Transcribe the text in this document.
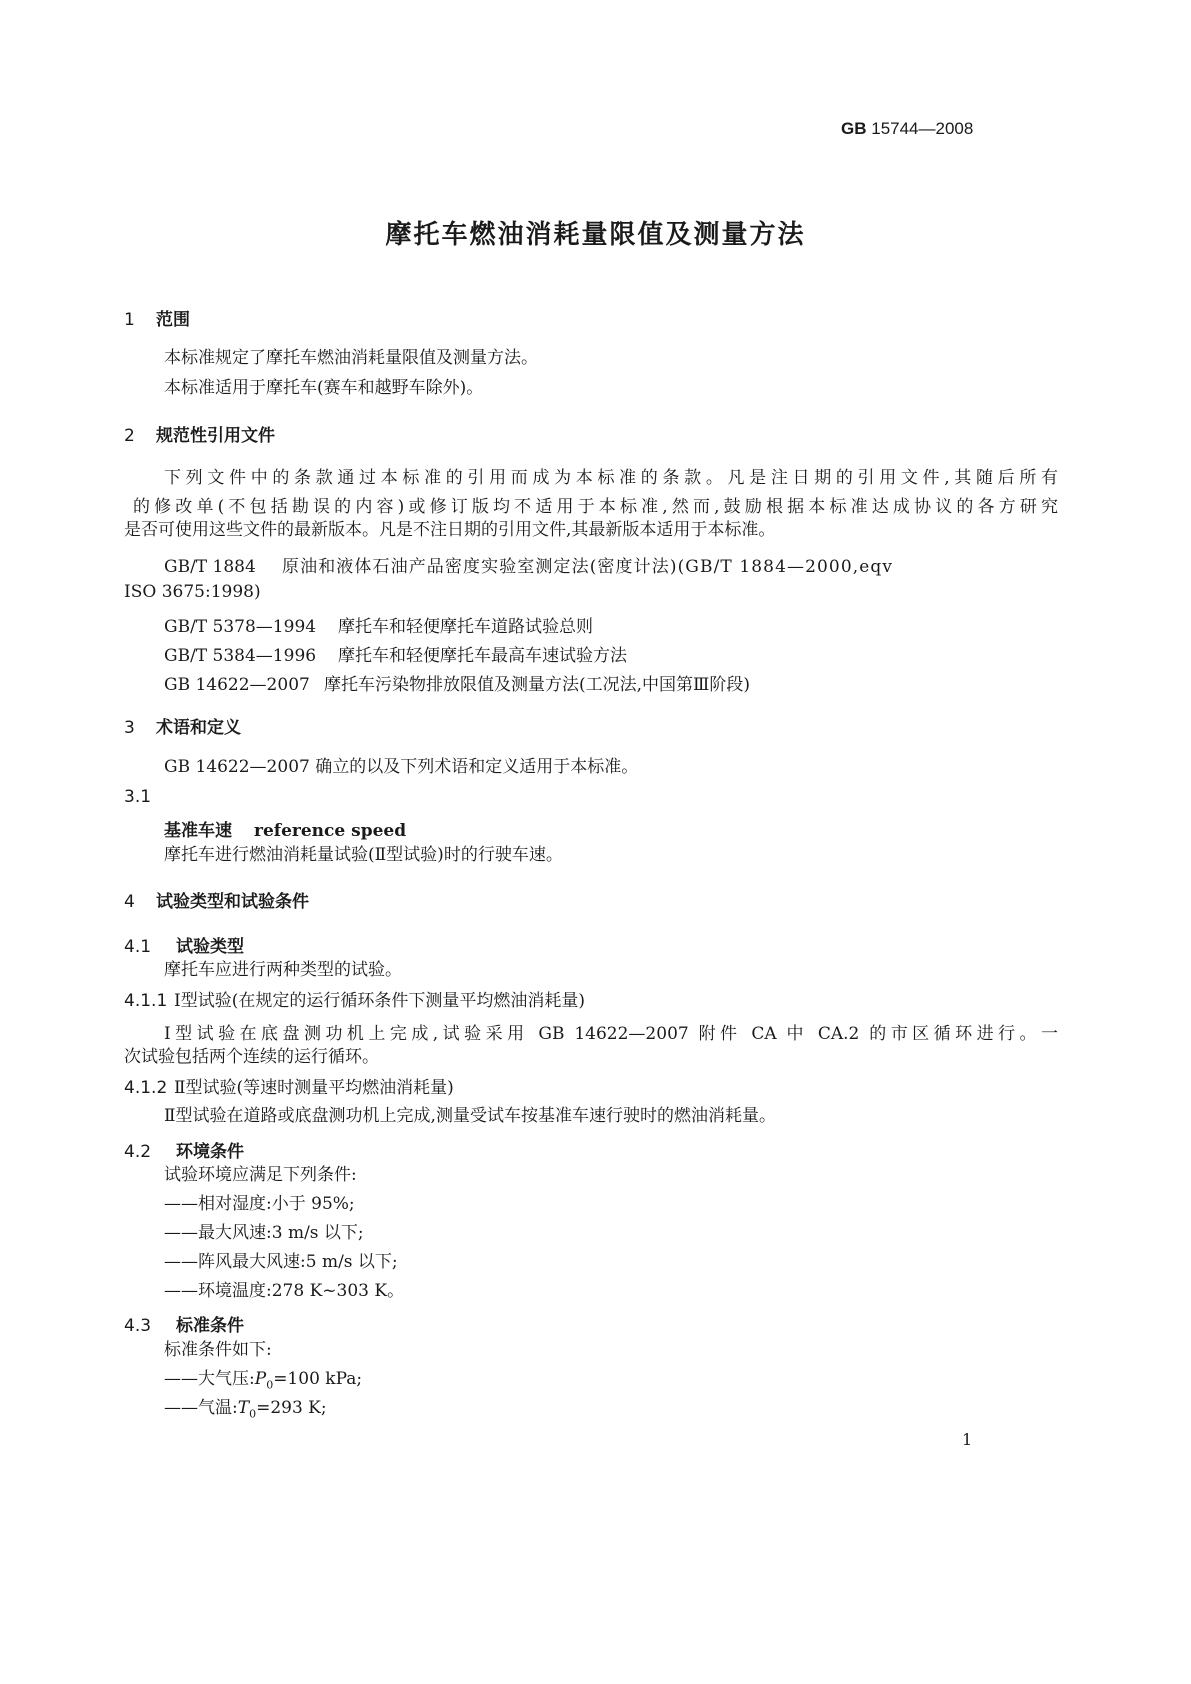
GB 15744—2008
摩托车燃油消耗量限值及测量方法
1 范围
本标准规定了摩托车燃油消耗量限值及测量方法。
本标准适用于摩托车(赛车和越野车除外)。
2 规范性引用文件
下列文件中的条款通过本标准的引用而成为本标准的条款。凡是注日期的引用文件,其随后所有
的修改单(不包括勘误的内容)或修订版均不适用于本标准,然而,鼓励根据本标准达成协议的各方研究
是否可使用这些文件的最新版本。凡是不注日期的引用文件,其最新版本适用于本标准。
GB/T 1884 原油和液体石油产品密度实验室测定法(密度计法)(GB/T 1884—2000,eqv
ISO 3675:1998)
GB/T 5378—1994 摩托车和轻便摩托车道路试验总则
GB/T 5384—1996 摩托车和轻便摩托车最高车速试验方法
GB 14622—2007 摩托车污染物排放限值及测量方法(工况法,中国第Ⅲ阶段)
3 术语和定义
GB 14622—2007 确立的以及下列术语和定义适用于本标准。
3.1
基准车速 reference speed
摩托车进行燃油消耗量试验(Ⅱ型试验)时的行驶车速。
4 试验类型和试验条件
4.1 试验类型
摩托车应进行两种类型的试验。
4.1.1 Ⅰ型试验(在规定的运行循环条件下测量平均燃油消耗量)
Ⅰ型试验在底盘测功机上完成,试验采用 GB 14622—2007 附件 CA 中 CA.2 的市区循环进行。一
次试验包括两个连续的运行循环。
4.1.2 Ⅱ型试验(等速时测量平均燃油消耗量)
Ⅱ型试验在道路或底盘测功机上完成,测量受试车按基准车速行驶时的燃油消耗量。
4.2 环境条件
试验环境应满足下列条件:
——相对湿度:小于 95%;
——最大风速:3 m/s 以下;
——阵风最大风速:5 m/s 以下;
——环境温度:278 K~303 K。
4.3 标准条件
标准条件如下:
——大气压$:P_0=100$ kPa;
——气温$:T_0=293$ K;
1
